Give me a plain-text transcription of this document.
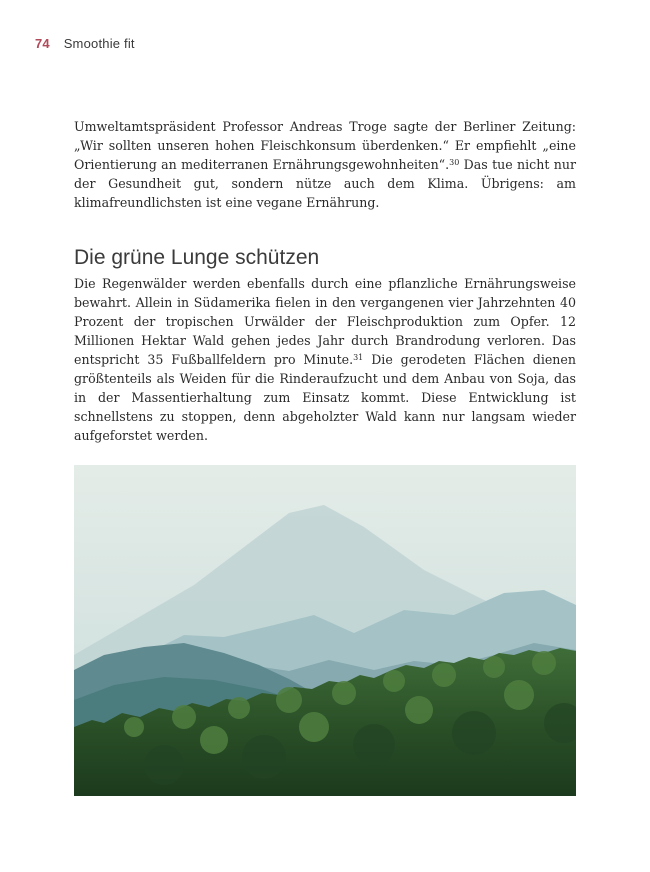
74 Smoothie fit

Umweltamtspräsident Professor Andreas Troge sagte der Berliner Zeitung: „Wir sollten unseren hohen Fleischkonsum überdenken.“ Er empfiehlt „eine Orientierung an mediterranen Ernährungsgewohnheiten“.$^{30}$ Das tue nicht nur der Gesundheit gut, sondern nütze auch dem Klima. Übrigens: am klimafreundlichsten ist eine vegane Ernährung.

Die grüne Lunge schützen

Die Regenwälder werden ebenfalls durch eine pflanzliche Ernährungsweise bewahrt. Allein in Südamerika fielen in den vergangenen vier Jahrzehnten 40 Prozent der tropischen Urwälder der Fleischproduktion zum Opfer. 12 Millionen Hektar Wald gehen jedes Jahr durch Brandrodung verloren. Das entspricht 35 Fußballfeldern pro Minute.$^{31}$ Die gerodeten Flächen dienen größtenteils als Weiden für die Rinderaufzucht und dem Anbau von Soja, das in der Massentierhaltung zum Einsatz kommt. Diese Entwicklung ist schnellstens zu stoppen, denn abgeholzter Wald kann nur langsam wieder aufgeforstet werden.
